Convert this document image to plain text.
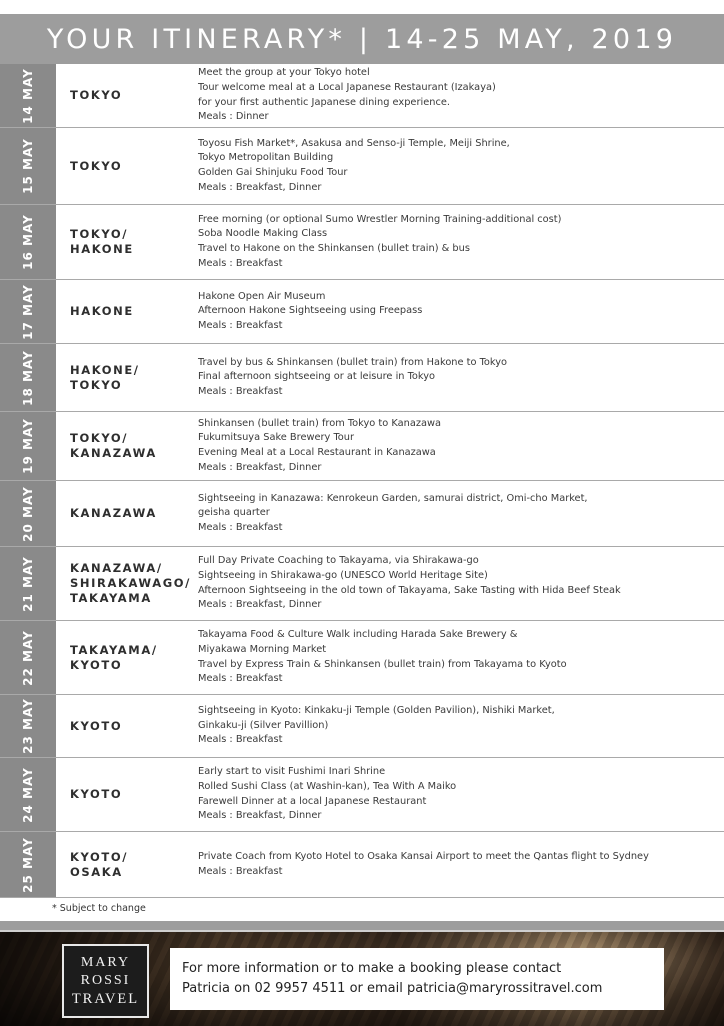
YOUR ITINERARY* | 14-25 MAY, 2019
14 MAY	TOKYO
Meet the group at your Tokyo hotel
Tour welcome meal at a Local Japanese Restaurant (Izakaya)
for your first authentic Japanese dining experience.
Meals : Dinner
15 MAY	TOKYO
Toyosu Fish Market*, Asakusa and Senso-ji Temple, Meiji Shrine,
Tokyo Metropolitan Building
Golden Gai Shinjuku Food Tour
Meals : Breakfast, Dinner
16 MAY	TOKYO/
HAKONE
Free morning (or optional Sumo Wrestler Morning Training-additional cost)
Soba Noodle Making Class
Travel to Hakone on the Shinkansen (bullet train) & bus
Meals : Breakfast
17 MAY	HAKONE
Hakone Open Air Museum
Afternoon Hakone Sightseeing using Freepass
Meals : Breakfast
18 MAY	HAKONE/
TOKYO
Travel by bus & Shinkansen (bullet train) from Hakone to Tokyo
Final afternoon sightseeing or at leisure in Tokyo
Meals : Breakfast
19 MAY	TOKYO/
KANAZAWA
Shinkansen (bullet train) from Tokyo to Kanazawa
Fukumitsuya Sake Brewery Tour
Evening Meal at a Local Restaurant in Kanazawa
Meals : Breakfast, Dinner
20 MAY	KANAZAWA
Sightseeing in Kanazawa: Kenrokeun Garden, samurai district, Omi-cho Market,
geisha quarter
Meals : Breakfast
21 MAY	KANAZAWA/
SHIRAKAWAGO/
TAKAYAMA
Full Day Private Coaching to Takayama, via Shirakawa-go
Sightseeing in Shirakawa-go (UNESCO World Heritage Site)
Afternoon Sightseeing in the old town of Takayama, Sake Tasting with Hida Beef Steak
Meals : Breakfast, Dinner
22 MAY	TAKAYAMA/
KYOTO
Takayama Food & Culture Walk including Harada Sake Brewery &
Miyakawa Morning Market
Travel by Express Train & Shinkansen (bullet train) from Takayama to Kyoto
Meals : Breakfast
23 MAY	KYOTO
Sightseeing in Kyoto: Kinkaku-ji Temple (Golden Pavilion), Nishiki Market,
Ginkaku-ji (Silver Pavillion)
Meals : Breakfast
24 MAY	KYOTO
Early start to visit Fushimi Inari Shrine
Rolled Sushi Class (at Washin-kan), Tea With A Maiko
Farewell Dinner at a local Japanese Restaurant
Meals : Breakfast, Dinner
25 MAY	KYOTO/
OSAKA
Private Coach from Kyoto Hotel to Osaka Kansai Airport to meet the Qantas flight to Sydney
Meals : Breakfast
* Subject to change
MARY
ROSSI
TRAVEL
For more information or to make a booking please contact
Patricia on 02 9957 4511 or email patricia@maryrossitravel.com
